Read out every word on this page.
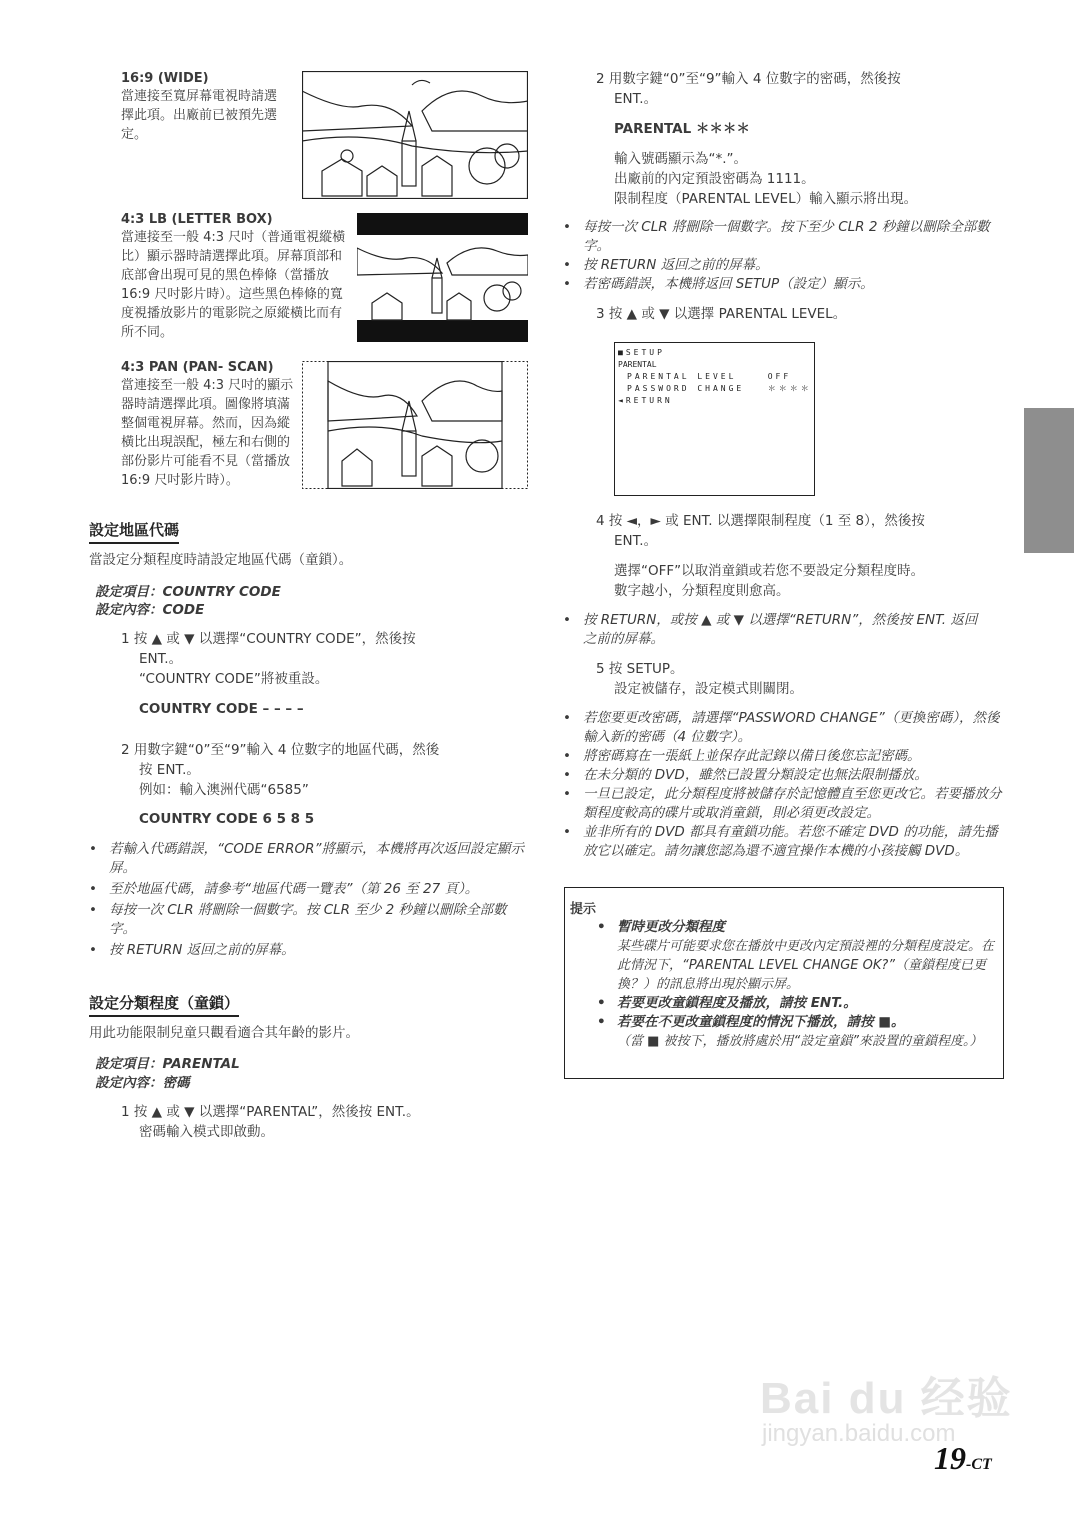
16:9 (WIDE)
當連接至寬屏幕電視時請選擇此項。出廠前已被預先選定。
4:3 LB (LETTER BOX)
當連接至一般 4:3 尺吋（普通電視縱橫比）顯示器時請選擇此項。屏幕頂部和底部會出現可見的黑色棒條（當播放 16:9 尺吋影片時）。這些黑色棒條的寬度視播放影片的電影院之原縱橫比而有所不同。
4:3 PAN (PAN- SCAN)
當連接至一般 4:3 尺吋的顯示器時請選擇此項。圖像將填滿整個電視屏幕。然而，因為縱橫比出現誤配，極左和右側的部份影片可能看不見（當播放 16:9 尺吋影片時）。
設定地區代碼
當設定分類程度時請設定地區代碼（童鎖）。
設定項目：COUNTRY CODE
設定內容：CODE
1 按 ▲ 或 ▼ 以選擇“COUNTRY CODE”，然後按
ENT.。
“COUNTRY CODE”將被重設。
COUNTRY CODE – – – –
2 用數字鍵“0”至“9”輸入 4 位數字的地區代碼，然後
按 ENT.。
例如：輸入澳洲代碼“6585”
COUNTRY CODE 6 5 8 5
• 若輸入代碼錯誤，“CODE ERROR”將顯示，本機將再次返回設定顯示屏。
• 至於地區代碼，請參考“地區代碼一覽表”（第 26 至 27 頁）。
• 每按一次 CLR 將刪除一個數字。按 CLR 至少 2 秒鐘以刪除全部數字。
• 按 RETURN 返回之前的屏幕。
設定分類程度（童鎖）
用此功能限制兒童只觀看適合其年齡的影片。
設定項目：PARENTAL
設定內容：密碼
1 按 ▲ 或 ▼ 以選擇“PARENTAL”，然後按 ENT.。
密碼輸入模式即啟動。
2 用數字鍵“0”至“9”輸入 4 位數字的密碼，然後按
ENT.。
PARENTAL ＊＊＊＊
輸入號碼顯示為“*.”。
出廠前的內定預設密碼為 1111。
限制程度（PARENTAL LEVEL）輸入顯示將出現。
• 每按一次 CLR 將刪除一個數字。按下至少 CLR 2 秒鐘以刪除全部數字。
• 按 RETURN 返回之前的屏幕。
• 若密碼錯誤，本機將返回 SETUP（設定）顯示。
3 按 ▲ 或 ▼ 以選擇 PARENTAL LEVEL。
■SETUP
PARENTAL
PARENTAL LEVEL    OFF
PASSWORD CHANGE   ＊＊＊＊
◄RETURN
4 按 ◄，► 或 ENT. 以選擇限制程度（1 至 8），然後按
ENT.。
選擇“OFF”以取消童鎖或若您不要設定分類程度時。
數字越小，分類程度則愈高。
• 按 RETURN，或按 ▲ 或 ▼ 以選擇“RETURN”，然後按 ENT. 返回之前的屏幕。
5 按 SETUP。
設定被儲存，設定模式則關閉。
• 若您要更改密碼，請選擇“PASSWORD CHANGE”（更換密碼），然後輸入新的密碼（4 位數字）。
• 將密碼寫在一張紙上並保存此記錄以備日後您忘記密碼。
• 在未分類的 DVD，雖然已設置分類設定也無法限制播放。
• 一旦已設定，此分類程度將被儲存於記憶體直至您更改它。若要播放分類程度較高的碟片或取消童鎖，則必須更改設定。
• 並非所有的 DVD 都具有童鎖功能。若您不確定 DVD 的功能，請先播放它以確定。請勿讓您認為還不適宜操作本機的小孩接觸 DVD。
提示
• 暫時更改分類程度
某些碟片可能要求您在播放中更改內定預設裡的分類程度設定。在此情況下，“PARENTAL LEVEL CHANGE OK?”（童鎖程度已更換？）的訊息將出現於顯示屏。
• 若要更改童鎖程度及播放，請按 ENT.。
• 若要在不更改童鎖程度的情況下播放，請按 ■。
（當 ■ 被按下，播放將處於用“設定童鎖”來設置的童鎖程度。）
Bai du 经验
jingyan.baidu.com
19-CT
